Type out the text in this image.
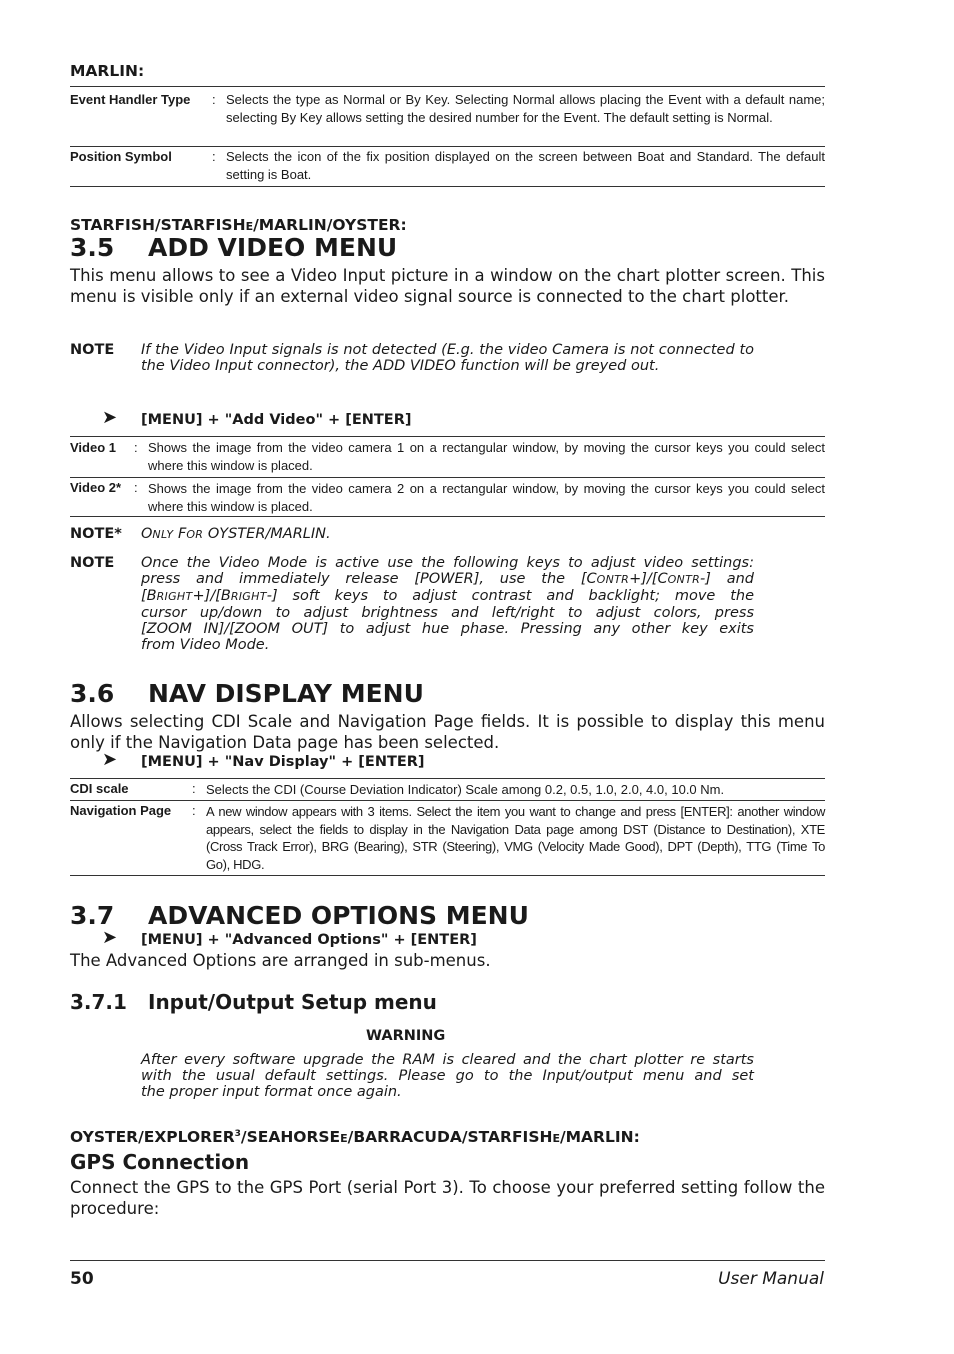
MARLIN:
Event Handler Type : Selects the type as Normal or By Key. Selecting Normal allows placing the Event with a default name; selecting By Key allows setting the desired number for the Event. The default setting is Normal.
Position Symbol	: Selects the icon of the fix position displayed on the screen between Boat and Standard. The default setting is Boat.
STARFISH/STARFISHE/MARLIN/OYSTER:
3.5 ADD VIDEO MENU
This menu allows to see a Video Input picture in a window on the chart plotter screen. This menu is visible only if an external video signal source is connected to the chart plotter.
NOTE If the Video Input signals is not detected (E.g. the video Camera is not connected to the Video Input connector), the ADD VIDEO function will be greyed out.
➤ [MENU] + "Add Video" + [ENTER]
Video 1 : Shows the image from the video camera 1 on a rectangular window, by moving the cursor keys you could select where this window is placed.
Video 2* : Shows the image from the video camera 2 on a rectangular window, by moving the cursor keys you could select where this window is placed.
NOTE* ONLY FOR OYSTER/MARLIN.
NOTE Once the Video Mode is active use the following keys to adjust video settings:
press and immediately release [POWER], use the [CONTR+]/[CONTR-] and
[BRIGHT+]/[BRIGHT-] soft keys to adjust contrast and backlight; move the
cursor up/down to adjust brightness and left/right to adjust colors, press
[ZOOM IN]/[ZOOM OUT] to adjust hue phase. Pressing any other key exits
from Video Mode.
3.6 NAV DISPLAY MENU
Allows selecting CDI Scale and Navigation Page fields. It is possible to display this menu only if the Navigation Data page has been selected.
➤ [MENU] + "Nav Display" + [ENTER]
CDI scale	: Selects the CDI (Course Deviation Indicator) Scale among 0.2, 0.5, 1.0, 2.0, 4.0, 10.0 Nm.
Navigation Page : A new window appears with 3 items. Select the item you want to change and press [ENTER]: another window appears, select the fields to display in the Navigation Data page among DST (Distance to Destination), XTE (Cross Track Error), BRG (Bearing), STR (Steering), VMG (Velocity Made Good), DPT (Depth), TTG (Time To Go), HDG.
3.7 ADVANCED OPTIONS MENU
➤ [MENU] + "Advanced Options" + [ENTER]
The Advanced Options are arranged in sub-menus.
3.7.1 Input/Output Setup menu
WARNING
After every software upgrade the RAM is cleared and the chart plotter re starts
with the usual default settings. Please go to the Input/output menu and set
the proper input format once again.
OYSTER/EXPLORER$^3$/SEAHORSEE/BARRACUDA/STARFISHE/MARLIN:
GPS Connection
Connect the GPS to the GPS Port (serial Port 3). To choose your preferred setting follow the procedure:
50	User Manual
